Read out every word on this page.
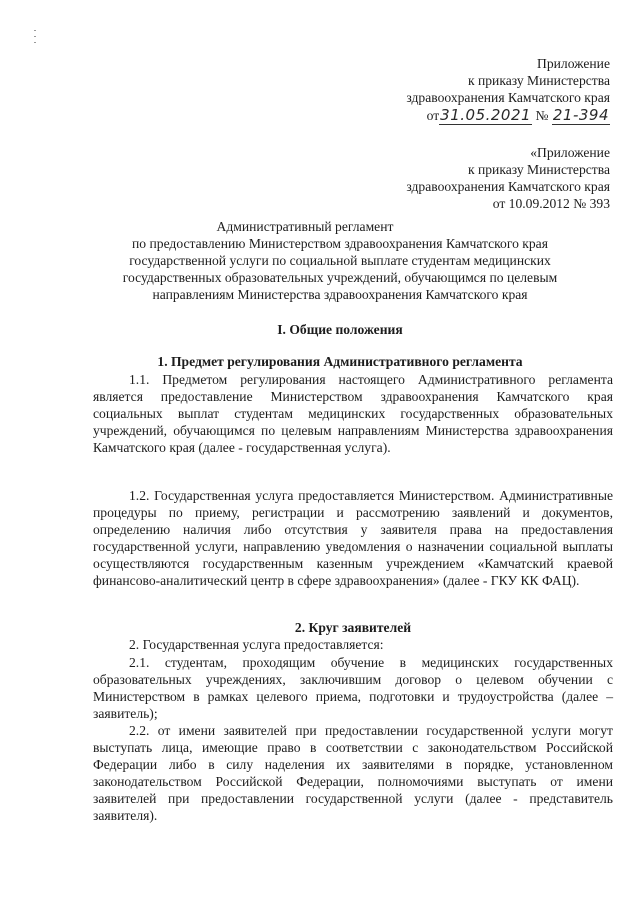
Приложение

к приказу Министерства

здравоохранения Камчатского края

от31.05.2021 № 21-394

«Приложение

к приказу Министерства

здравоохранения Камчатского края

от 10.09.2012 № 393

Административный регламент

по предоставлению Министерством здравоохранения Камчатского края

государственной услуги по социальной выплате студентам медицинских

государственных образовательных учреждений, обучающимся по целевым

направлениям Министерства здравоохранения Камчатского края

I. Общие положения
1. Предмет регулирования Административного регламента
1.1. Предметом регулирования настоящего Административного регламента является предоставление Министерством здравоохранения Камчатского края социальных выплат студентам медицинских государственных образовательных учреждений, обучающимся по целевым направлениям Министерства здравоохранения Камчатского края (далее - государственная услуга).
1.2. Государственная услуга предоставляется Министерством. Административные процедуры по приему, регистрации и рассмотрению заявлений и документов, определению наличия либо отсутствия у заявителя права на предоставления государственной услуги, направлению уведомления о назначении социальной выплаты осуществляются государственным казенным учреждением «Камчатский краевой финансово-аналитический центр в сфере здравоохранения» (далее - ГКУ КК ФАЦ).
2. Круг заявителей
2. Государственная услуга предоставляется:
2.1. студентам, проходящим обучение в медицинских государственных образовательных учреждениях, заключившим договор о целевом обучении с Министерством в рамках целевого приема, подготовки и трудоустройства (далее – заявитель);
2.2. от имени заявителей при предоставлении государственной услуги могут выступать лица, имеющие право в соответствии с законодательством Российской Федерации либо в силу наделения их заявителями в порядке, установленном законодательством Российской Федерации, полномочиями выступать от имени заявителей при предоставлении государственной услуги (далее - представитель заявителя).
